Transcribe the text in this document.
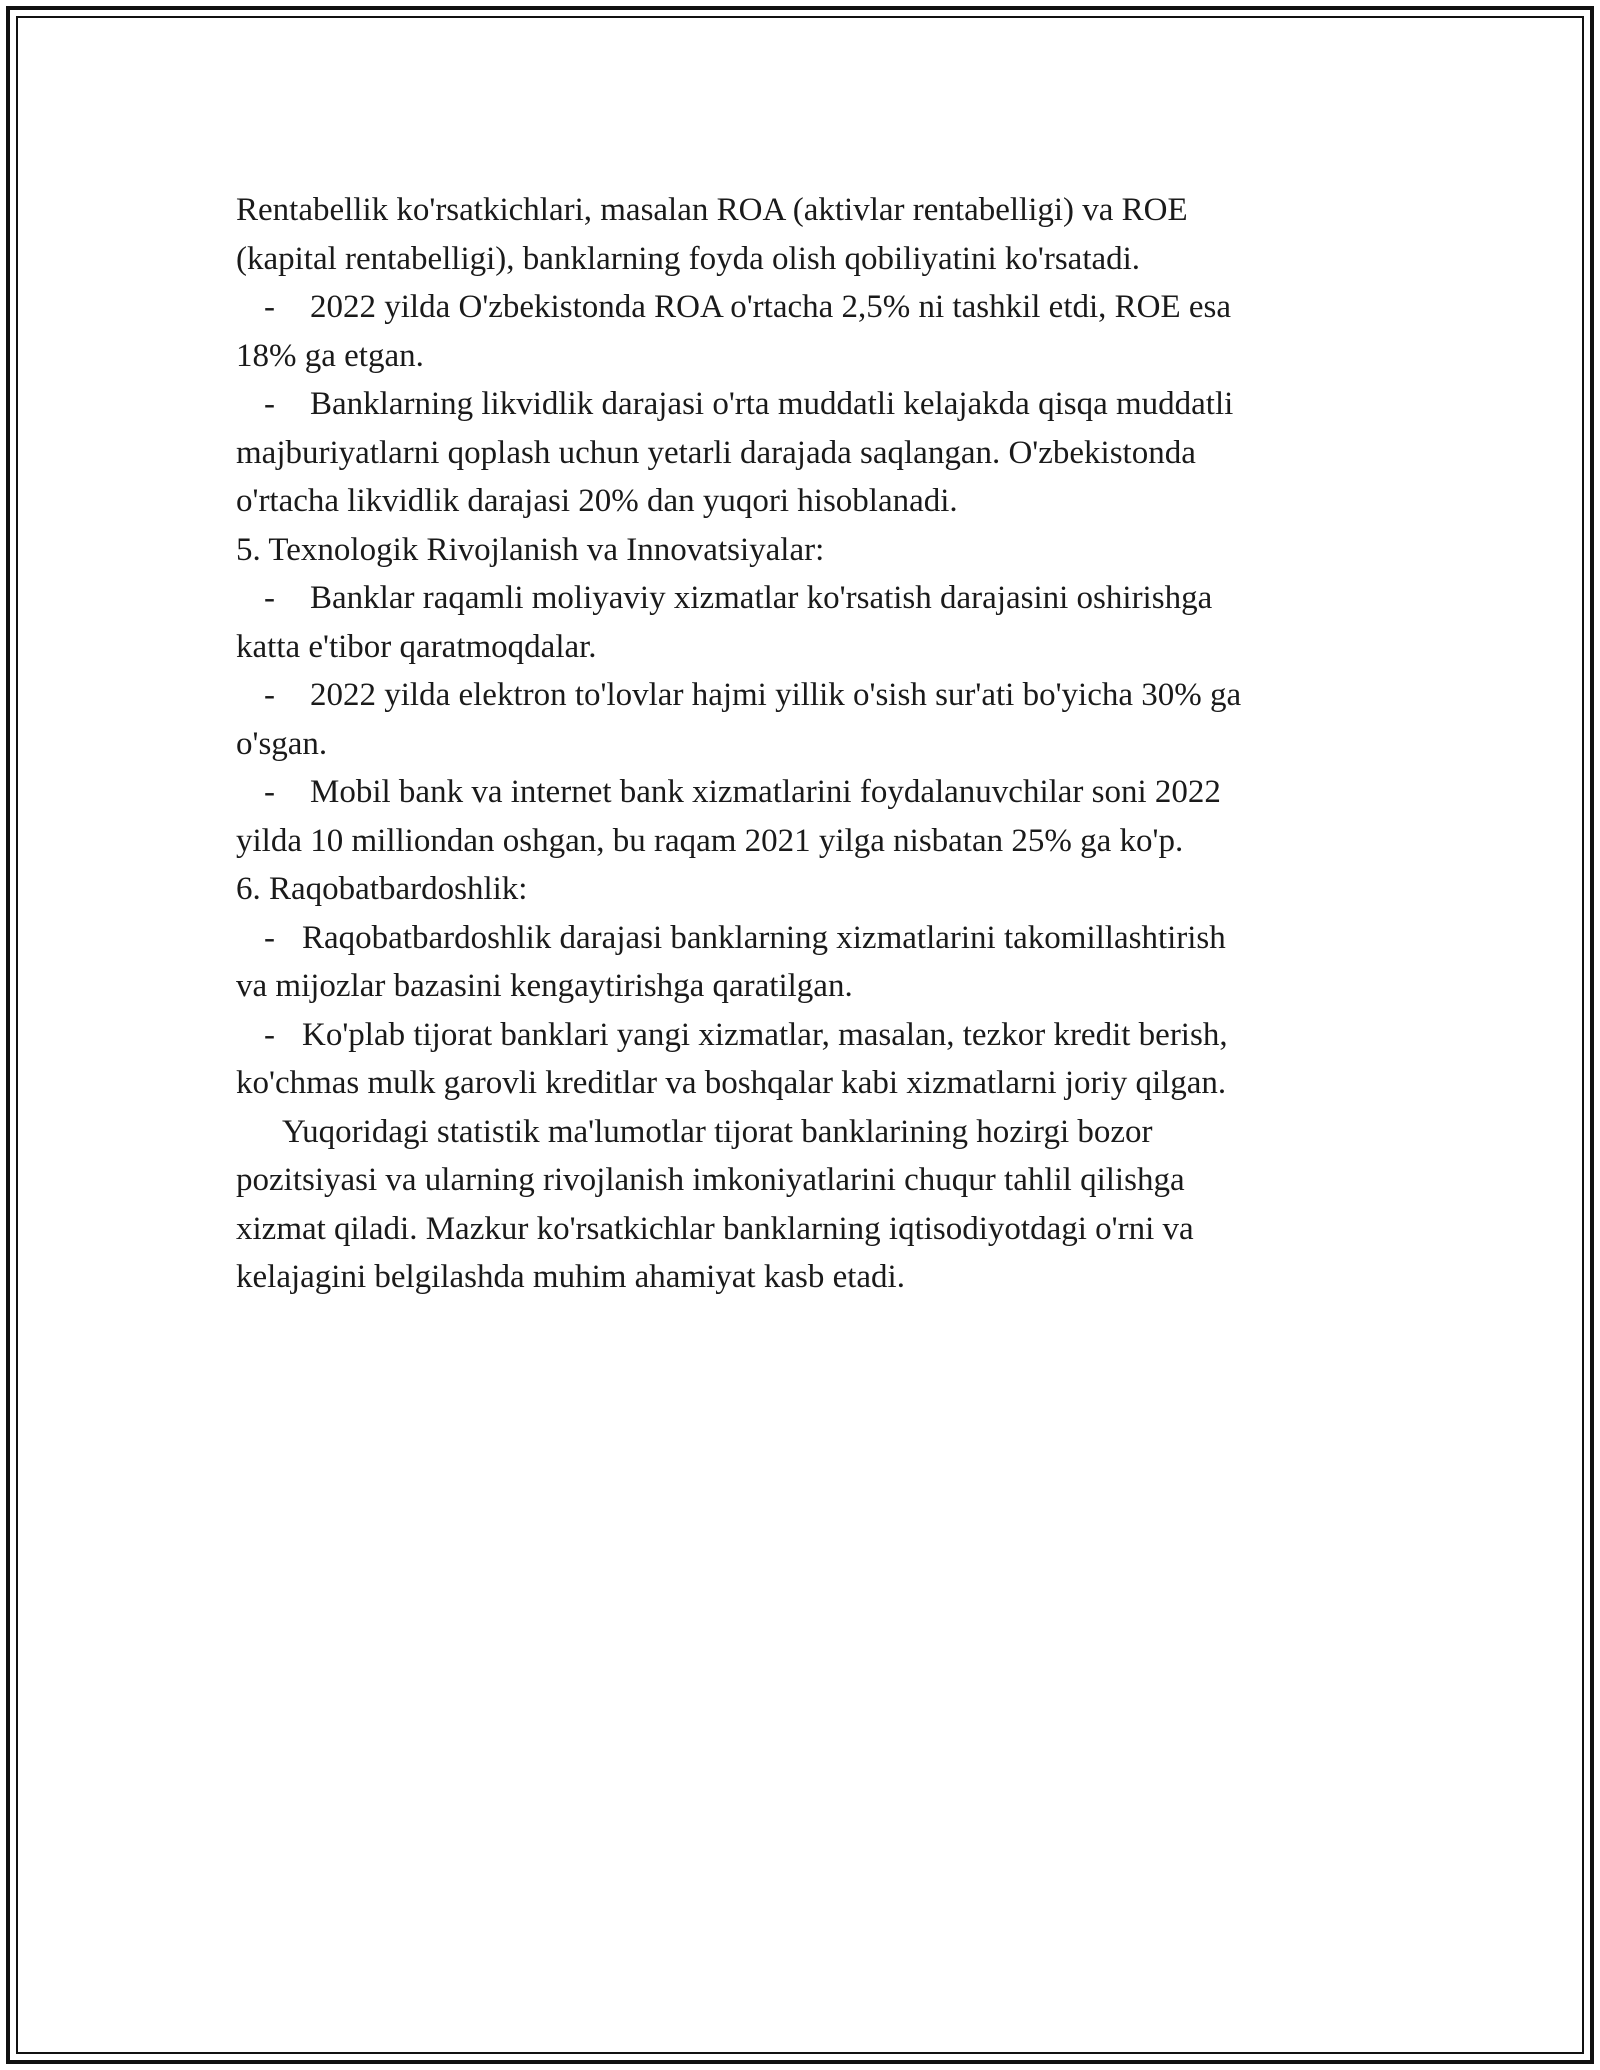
Rentabellik ko'rsatkichlari, masalan ROA (aktivlar rentabelligi) va ROE
(kapital rentabelligi), banklarning foyda olish qobiliyatini ko'rsatadi.
- 2022 yilda O'zbekistonda ROA o'rtacha 2,5% ni tashkil etdi, ROE esa
18% ga etgan.
- Banklarning likvidlik darajasi o'rta muddatli kelajakda qisqa muddatli
majburiyatlarni qoplash uchun yetarli darajada saqlangan. O'zbekistonda
o'rtacha likvidlik darajasi 20% dan yuqori hisoblanadi.
5. Texnologik Rivojlanish va Innovatsiyalar:
- Banklar raqamli moliyaviy xizmatlar ko'rsatish darajasini oshirishga
katta e'tibor qaratmoqdalar.
- 2022 yilda elektron to'lovlar hajmi yillik o'sish sur'ati bo'yicha 30% ga
o'sgan.
- Mobil bank va internet bank xizmatlarini foydalanuvchilar soni 2022
yilda 10 milliondan oshgan, bu raqam 2021 yilga nisbatan 25% ga ko'p.
6. Raqobatbardoshlik:
- Raqobatbardoshlik darajasi banklarning xizmatlarini takomillashtirish
va mijozlar bazasini kengaytirishga qaratilgan.
- Ko'plab tijorat banklari yangi xizmatlar, masalan, tezkor kredit berish,
ko'chmas mulk garovli kreditlar va boshqalar kabi xizmatlarni joriy qilgan.
Yuqoridagi statistik ma'lumotlar tijorat banklarining hozirgi bozor
pozitsiyasi va ularning rivojlanish imkoniyatlarini chuqur tahlil qilishga
xizmat qiladi. Mazkur ko'rsatkichlar banklarning iqtisodiyotdagi o'rni va
kelajagini belgilashda muhim ahamiyat kasb etadi.
